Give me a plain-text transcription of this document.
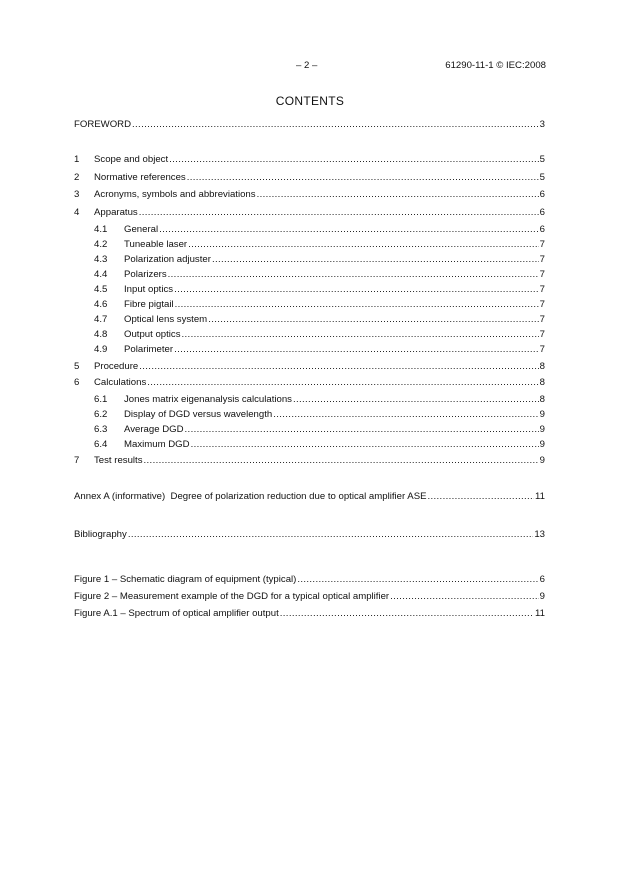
– 2 –	61290-11-1 © IEC:2008
CONTENTS
FOREWORD .....	3
1	Scope and object .....	5
2	Normative references .....	5
3	Acronyms, symbols and abbreviations .....	6
4	Apparatus .....	6
4.1	General .....	6
4.2	Tuneable laser .....	7
4.3	Polarization adjuster .....	7
4.4	Polarizers .....	7
4.5	Input optics .....	7
4.6	Fibre pigtail .....	7
4.7	Optical lens system .....	7
4.8	Output optics .....	7
4.9	Polarimeter .....	7
5	Procedure .....	8
6	Calculations .....	8
6.1	Jones matrix eigenanalysis calculations .....	8
6.2	Display of DGD versus wavelength .....	9
6.3	Average DGD .....	9
6.4	Maximum DGD .....	9
7	Test results .....	9
Annex A (informative)  Degree of polarization reduction due to optical amplifier ASE .....	11
Bibliography .....	13
Figure 1 – Schematic diagram of equipment (typical) .....	6
Figure 2 – Measurement example of the DGD for a typical optical amplifier .....	9
Figure A.1 – Spectrum of optical amplifier output .....	11
